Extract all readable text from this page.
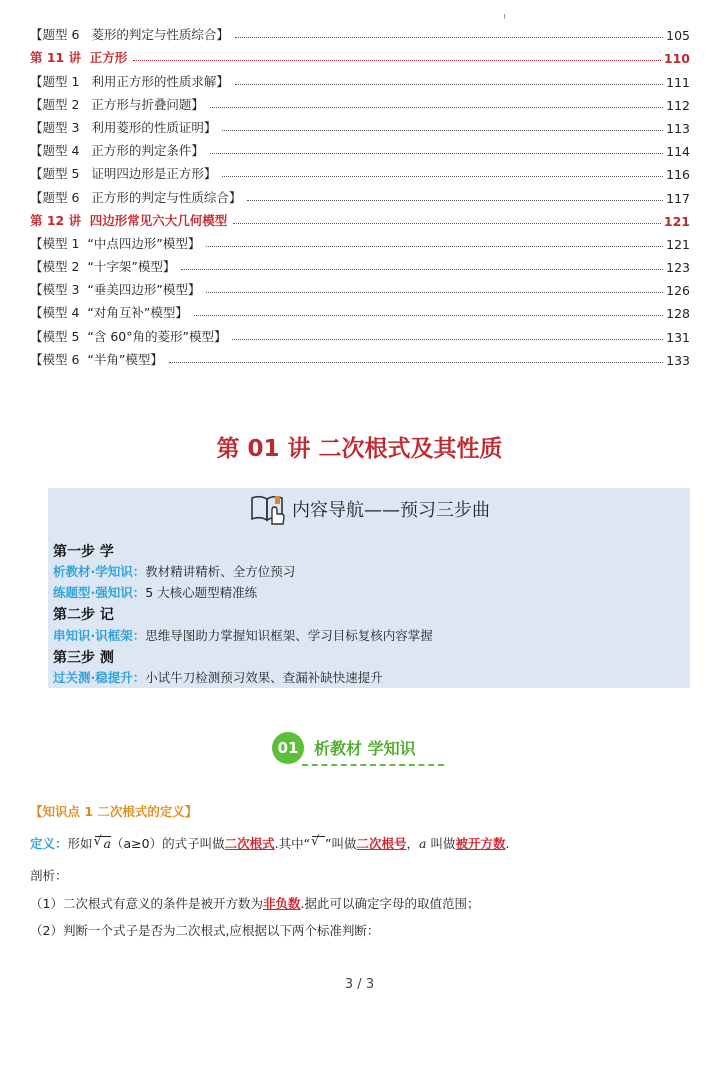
【题型 6   菱形的判定与性质综合】	105
第 11 讲  正方形	110
【题型 1   利用正方形的性质求解】	111
【题型 2   正方形与折叠问题】	112
【题型 3   利用菱形的性质证明】	113
【题型 4   正方形的判定条件】	114
【题型 5   证明四边形是正方形】	116
【题型 6   正方形的判定与性质综合】	117
第 12 讲  四边形常见六大几何模型	121
【模型 1  “中点四边形”模型】	121
【模型 2  “十字架”模型】	123
【模型 3  “垂美四边形”模型】	126
【模型 4  “对角互补”模型】	128
【模型 5  “含 60°角的菱形”模型】	131
【模型 6  “半角”模型】	133
第 01 讲 二次根式及其性质
内容导航——预习三步曲
第一步 学
析教材·学知识：教材精讲精析、全方位预习
练题型·强知识：5 大核心题型精准练
第二步 记
串知识·识框架：思维导图助力掌握知识框架、学习目标复核内容掌握
第三步 测
过关测·稳提升：小试牛刀检测预习效果、查漏补缺快速提升
01 析教材 学知识
【知识点 1 二次根式的定义】
定义：形如 √ a（a≥0）的式子叫做二次根式.其中“ √ ”叫做二次根号，a 叫做被开方数.
剖析：
（1）二次根式有意义的条件是被开方数为非负数.据此可以确定字母的取值范围；
（2）判断一个式子是否为二次根式,应根据以下两个标准判断：
3 / 3
